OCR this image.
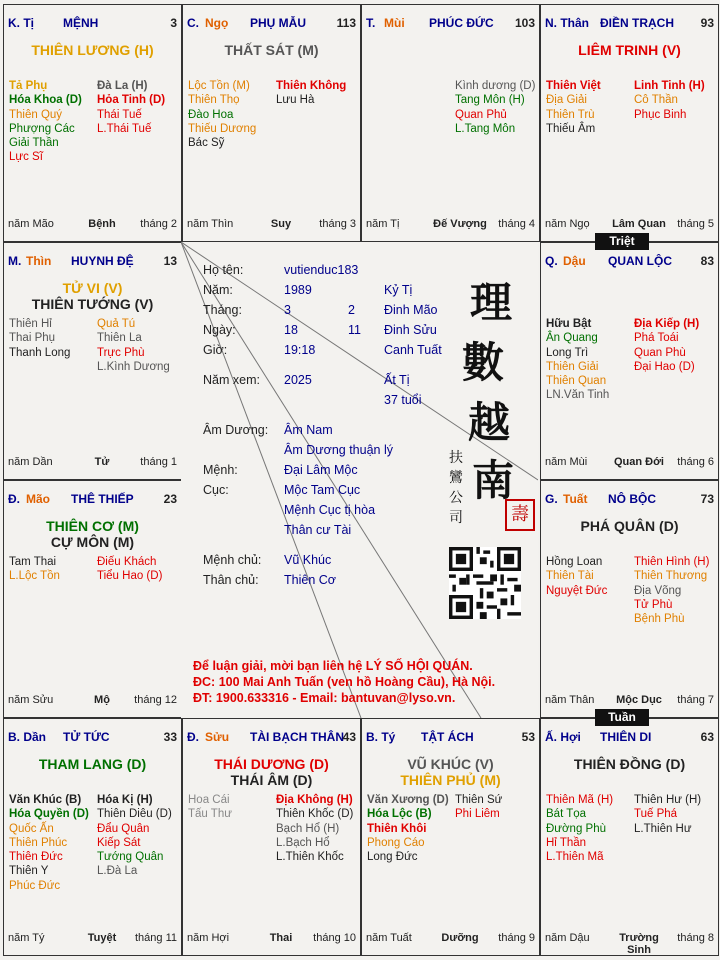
K. Tị MỆNH	3
THIÊN LƯƠNG (H)
Tả Phụ
Hóa Khoa (D)
Thiên Quý
Phượng Các
Giải Thần
Lực Sĩ
Đà La (H)
Hỏa Tinh (D)
Thái Tuế
L.Thái Tuế
năm Mão	Bệnh	tháng 2
C. Ngọ PHỤ MẪU	113
THẤT SÁT (M)
Lộc Tồn (M)
Thiên Thọ
Đào Hoa
Thiếu Dương
Bác Sỹ
Thiên Không
Lưu Hà
năm Thìn	Suy	tháng 3
T. Mùi PHÚC ĐỨC 103
Kình dương (D)
Tang Môn (H)
Quan Phủ
L.Tang Môn
năm Tị	Đế Vượng tháng 4
N. Thân ĐIỀN TRẠCH 93
LIÊM TRINH (V)
Thiên Việt
Địa Giải
Thiên Trù
Thiếu Âm
Linh Tinh (H)
Cô Thần
Phục Binh
năm Ngọ Lâm Quan tháng 5
M. Thìn HUYNH ĐỆ 13
TỬ VI (V)
THIÊN TƯỚNG (V)
Thiên Hỉ
Thai Phụ
Thanh Long
Quả Tú
Thiên La
Trực Phù
L.Kình Dương
năm Dần	Tử	tháng 1
Q. Dậu QUAN LỘC 83
Hữu Bật
Ân Quang
Long Trì
Thiên Giải
Thiên Quan
LN.Văn Tinh
Địa Kiếp (H)
Phá Toái
Quan Phù
Đại Hao (D)
năm Mùi	Quan Đới	tháng 6
Đ. Mão THÊ THIẾP 23
THIÊN CƠ (M)
CỰ MÔN (M)
Tam Thai
L.Lộc Tồn
Điếu Khách
Tiểu Hao (D)
năm Sửu	Mộ	tháng 12
G. Tuất NÔ BỘC	73
PHÁ QUÂN (D)
Hồng Loan
Thiên Tài
Nguyệt Đức
Thiên Hình (H)
Thiên Thương
Địa Võng
Tử Phù
Bệnh Phù
năm Thân	Mộc Dục	tháng 7
B. Dần TỬ TỨC	33
THAM LANG (D)
Văn Khúc (B)
Hóa Quyền (D)
Quốc Ấn
Thiên Phúc
Thiên Đức
Thiên Y
Phúc Đức
Hóa Kị (H)
Thiên Diêu (D)
Đẩu Quân
Kiếp Sát
Tướng Quân
L.Đà La
năm Tý	Tuyệt	tháng 11
Đ. Sửu TÀI BẠCH THÂN
43
THÁI DƯƠNG (D)
THÁI ÂM (D)
Hoa Cái
Tấu Thư
Địa Không (H)
Thiên Khốc (D)
Bạch Hổ (H)
L.Bạch Hổ
L.Thiên Khốc
năm Hợi	Thai	tháng 10
B. Tý TẬT ÁCH	53
VŨ KHÚC (V)
THIÊN PHỦ (M)
Văn Xương (D)
Hóa Lộc (B)
Thiên Khôi
Phong Cáo
Long Đức
Thiên Sứ
Phi Liêm
năm Tuất	Dưỡng	tháng 9
Ấ. Hợi THIÊN DI	63
THIÊN ĐỒNG (D)
Thiên Mã (H)
Bát Tọa
Đường Phù
Hỉ Thần
L.Thiên Mã
Thiên Hư (H)
Tuế Phá
L.Thiên Hư
năm Dậu	Trường Sinh
tháng 8
Họ tên:	vutienduc183
Năm:	1989	Kỷ Tị
Tháng:	3	2 Đinh Mão
Ngày:	18	11 Đinh Sửu
Giờ:	19:18	Canh Tuất
Năm xem: 2025	Ất Tị
37 tuổi
Âm Dương: Âm Nam
Âm Dương thuận lý
Mệnh:	Đại Lâm Mộc
Cục:	Mộc Tam Cục
Mệnh Cục tị hòa
Thân cư Tài
Mệnh chủ: Vũ Khúc
Thân chủ: Thiên Cơ
理
數
越
南
扶
鸞
公
司	壽
Để luận giải, mời bạn liên hệ LÝ SỐ HỘI QUÁN.
ĐC: 100 Mai Anh Tuấn (ven hồ Hoàng Cầu), Hà Nội.
ĐT: 1900.633316 - Email: bantuvan@lyso.vn.
Triệt
Tuần
